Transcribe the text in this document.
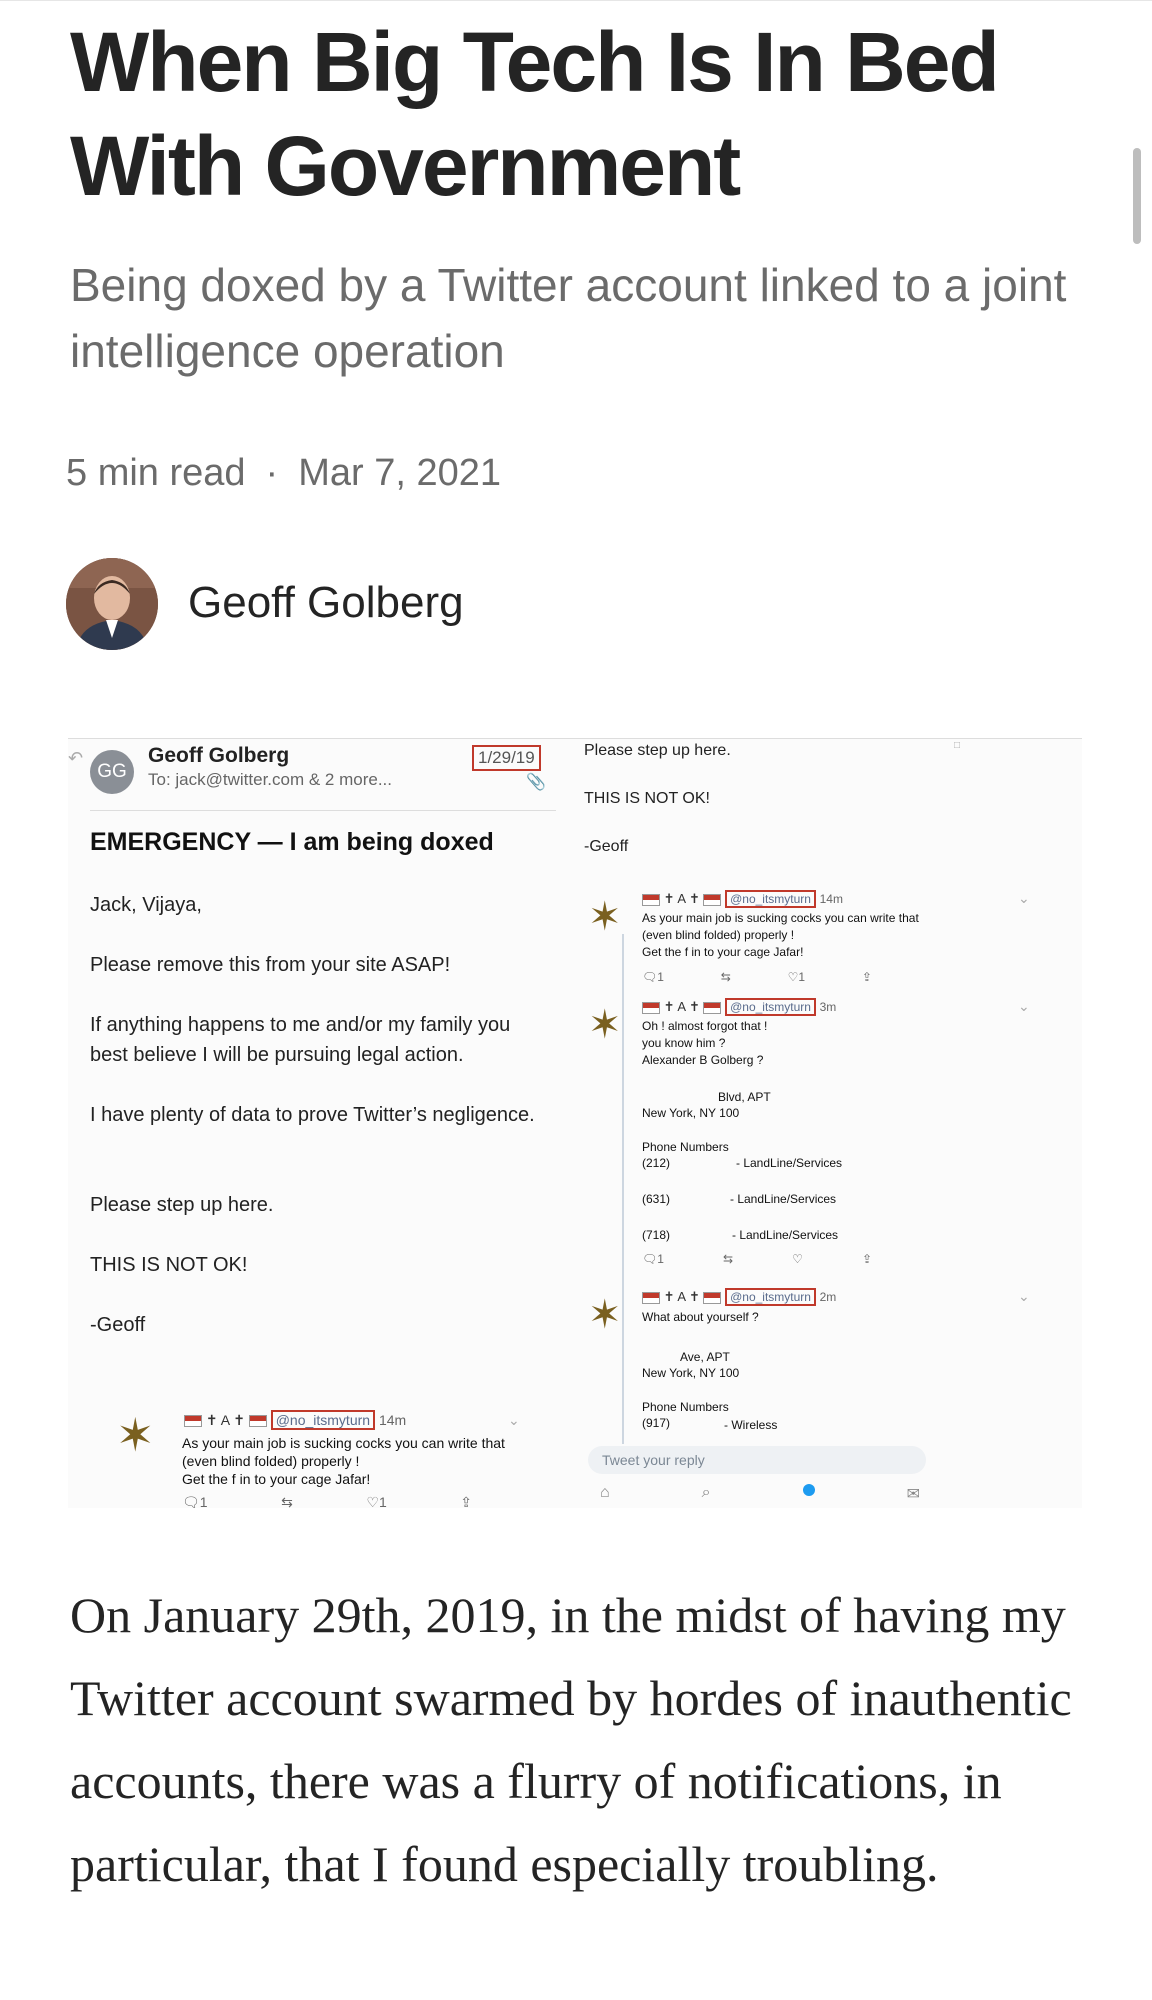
When Big Tech Is In Bed With Government

Being doxed by a Twitter account linked to a joint intelligence operation

5 min read · Mar 7, 2021
Geoff Golberg
↶
GG
Geoff Golberg
To: jack@twitter.com & 2 more...
1/29/19
📎
EMERGENCY — I am being doxed
Jack, Vijaya,
Please remove this from your site ASAP!
If anything happens to me and/or my family you best believe I will be pursuing legal action.
I have plenty of data to prove Twitter’s negligence.
Please step up here.
THIS IS NOT OK!
-Geoff
✶	✝ A ✝  @no_itsmyturn 14m	⌄
As your main job is sucking cocks you can write that (even blind folded) properly !
Get the f in to your cage Jafar!
🗨1	⇆	♡1	⇪
Please step up here.
THIS IS NOT OK!
-Geoff
□
✶	✝ A ✝  @no_itsmyturn 14m	⌄
As your main job is sucking cocks you can write that (even blind folded) properly !
Get the f in to your cage Jafar!
🗨1	⇆	♡1	⇪
✶	✝ A ✝  @no_itsmyturn 3m	⌄
Oh ! almost forgot that !
you know him ?
Alexander B Golberg ?
Blvd, APT
New York, NY 100
Phone Numbers
(212)	- LandLine/Services
(631)	- LandLine/Services
(718)	- LandLine/Services
🗨1	⇆	♡	⇪
✶	✝ A ✝  @no_itsmyturn 2m	⌄
What about yourself ?
Ave, APT
New York, NY 100
Phone Numbers
(917)	- Wireless
Tweet your reply
⌂	⌕	✉

On January 29th, 2019, in the midst of having my Twitter account swarmed by hordes of inauthentic accounts, there was a flurry of notifications, in particular, that I found especially troubling.
